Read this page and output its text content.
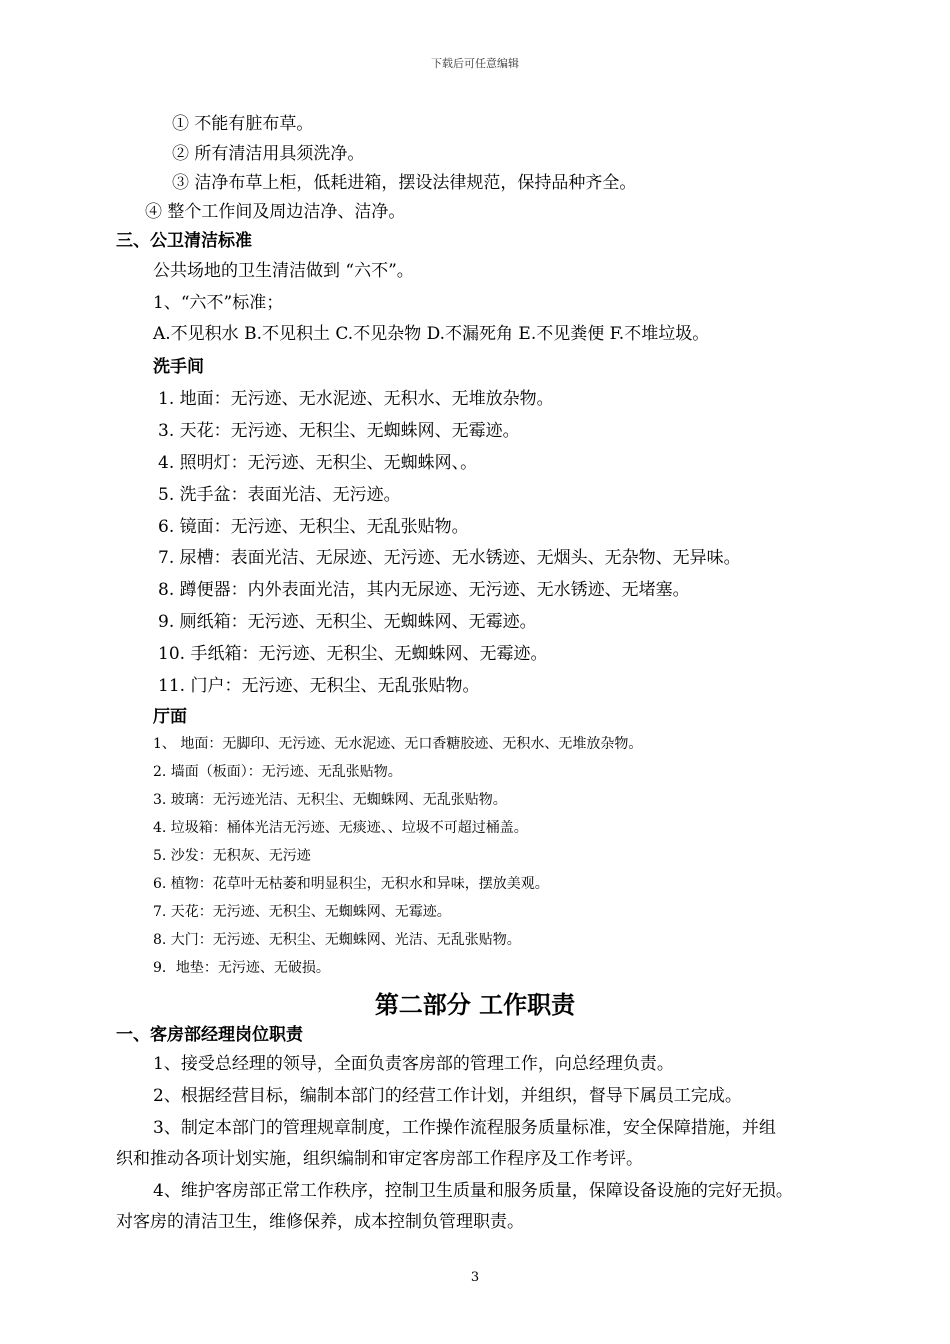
下载后可任意编辑
① 不能有脏布草。
② 所有清洁用具须洗净。
③ 洁净布草上柜，低耗进箱，摆设法律规范，保持品种齐全。
④ 整个工作间及周边洁净、洁净。
三、公卫清洁标准
公共场地的卫生清洁做到 “六不”。
1、“六不”标准；
A.不见积水 B.不见积土 C.不见杂物 D.不漏死角 E.不见粪便 F.不堆垃圾。
洗手间
1. 地面：无污迹、无水泥迹、无积水、无堆放杂物。
3. 天花：无污迹、无积尘、无蜘蛛网、无霉迹。
4. 照明灯：无污迹、无积尘、无蜘蛛网、。
5. 洗手盆：表面光洁、无污迹。
6. 镜面：无污迹、无积尘、无乱张贴物。
7. 尿槽：表面光洁、无尿迹、无污迹、无水锈迹、无烟头、无杂物、无异味。
8. 蹲便器：内外表面光洁，其内无尿迹、无污迹、无水锈迹、无堵塞。
9. 厕纸箱：无污迹、无积尘、无蜘蛛网、无霉迹。
10. 手纸箱：无污迹、无积尘、无蜘蛛网、无霉迹。
11. 门户：无污迹、无积尘、无乱张贴物。
厅面
1、 地面：无脚印、无污迹、无水泥迹、无口香糖胶迹、无积水、无堆放杂物。
2. 墙面（板面）：无污迹、无乱张贴物。
3. 玻璃：无污迹光洁、无积尘、无蜘蛛网、无乱张贴物。
4. 垃圾箱：桶体光洁无污迹、无痰迹、、垃圾不可超过桶盖。
5. 沙发：无积灰、无污迹
6. 植物：花草叶无枯萎和明显积尘，无积水和异味，摆放美观。
7. 天花：无污迹、无积尘、无蜘蛛网、无霉迹。
8. 大门：无污迹、无积尘、无蜘蛛网、光洁、无乱张贴物。
9．地垫：无污迹、无破损。
第二部分 工作职责
一、客房部经理岗位职责
1、接受总经理的领导，全面负责客房部的管理工作，向总经理负责。
2、根据经营目标，编制本部门的经营工作计划，并组织，督导下属员工完成。
3、制定本部门的管理规章制度，工作操作流程服务质量标准，安全保障措施，并组
织和推动各项计划实施，组织编制和审定客房部工作程序及工作考评。
4、维护客房部正常工作秩序，控制卫生质量和服务质量，保障设备设施的完好无损。
对客房的清洁卫生，维修保养，成本控制负管理职责。
3
